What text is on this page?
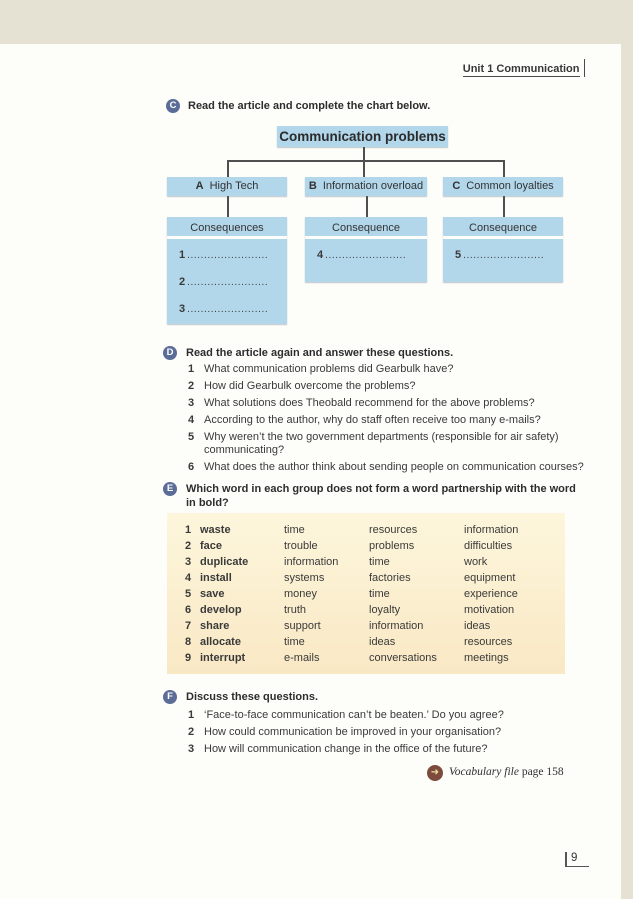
Unit 1 Communication
C	Read the article and complete the chart below.
Communication problems
A High Tech	B Information overload	C Common loyalties
Consequences
1 ........................
2 ........................
3 ........................
Consequence
4 ........................
Consequence
5 ........................
D	Read the article again and answer these questions.
1 What communication problems did Gearbulk have?
2 How did Gearbulk overcome the problems?
3 What solutions does Theobald recommend for the above problems?
4 According to the author, why do staff often receive too many e-mails?
5 Why weren’t the two government departments (responsible for air safety) communicating?
6 What does the author think about sending people on communication courses?
E	Which word in each group does not form a word partnership with the word in bold?
1 waste	time	resources	information
2 face	trouble	problems	difficulties
3 duplicate	information	time	work
4 install	systems	factories	equipment
5 save	money	time	experience
6 develop	truth	loyalty	motivation
7 share	support	information	ideas
8 allocate	time	ideas	resources
9 interrupt	e-mails	conversations	meetings
F	Discuss these questions.
1 ‘Face-to-face communication can’t be beaten.’ Do you agree?
2 How could communication be improved in your organisation?
3 How will communication change in the office of the future?
➜ Vocabulary file page 158
9
